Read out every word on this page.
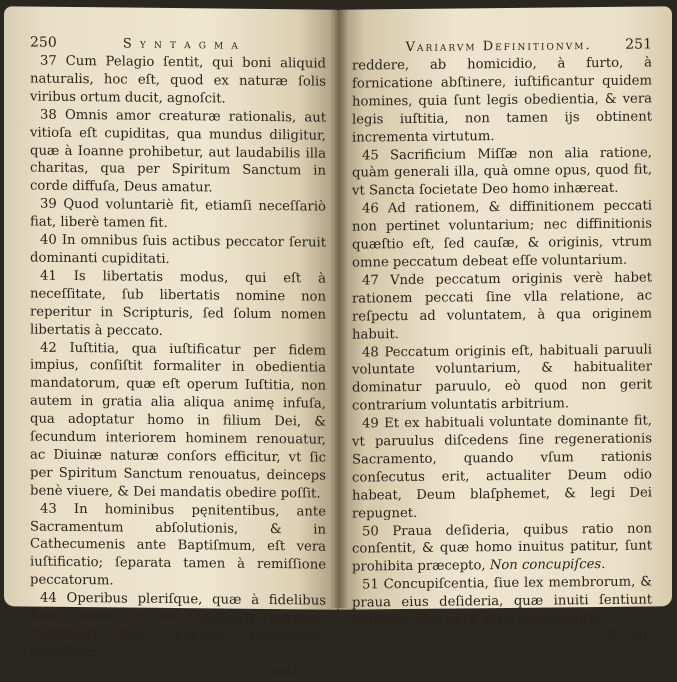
250	S y n t a g m a

37 Cum Pelagio ſentit, qui boni aliquid naturalis, hoc eſt, quod ex naturæ ſolis viribus ortum ducit, agnoſcit.

38 Omnis amor creaturæ rationalis, aut vitioſa eſt cupiditas, qua mundus diligitur, quæ à Ioanne prohibetur, aut laudabilis illa charitas, qua per Spiritum Sanctum in corde diffuſa, Deus amatur.

39 Quod voluntariè fit, etiamſi neceſſariò fiat, liberè tamen fit.

40 In omnibus ſuis actibus peccator ſeruit dominanti cupiditati.

41 Is libertatis modus, qui eſt à neceſſitate, ſub libertatis nomine non reperitur in Scripturis, ſed ſolum nomen libertatis à peccato.

42 Iuſtitia, qua iuſtificatur per fidem impius, conſiſtit formaliter in obedientia mandatorum, quæ eſt operum Iuſtitia, non autem in gratia alia aliqua animę infuſa, qua adoptatur homo in filium Dei, & ſecundum interiorem hominem renouatur, ac Diuinæ naturæ conſors efficitur, vt ſic per Spiritum Sanctum renouatus, deinceps benè viuere, & Dei mandatis obedire poſſit.

43 In hominibus pęnitentibus, ante Sacramentum abſolutionis, & in Cathecumenis ante Baptiſmum, eſt vera iuſtificatio; ſeparata tamen à remiſſione peccatorum.

44 Operibus pleriſque, quæ à fidelibus fiunt, ſolum vt Dei mandatis pareant, cuiuſmodi ſunt, obedire parentibus, depoſitum

red-
Variarvm Definitionvm. 251

reddere, ab homicidio, à furto, à fornicatione abſtinere, iuſtificantur quidem homines, quia ſunt legis obedientia, & vera legis iuſtitia, non tamen ijs obtinent incrementa virtutum.

45 Sacrificium Miſſæ non alia ratione, quàm generali illa, quà omne opus, quod fit, vt Sancta ſocietate Deo homo inhæreat.

46 Ad rationem, & diffinitionem peccati non pertinet voluntarium; nec diffinitionis quæſtio eſt, ſed cauſæ, & originis, vtrum omne peccatum debeat eſſe voluntarium.

47 Vnde peccatum originis verè habet rationem peccati ſine vlla relatione, ac reſpectu ad voluntatem, à qua originem habuit.

48 Peccatum originis eſt, habituali paruuli voluntate voluntarium, & habitualiter dominatur paruulo, eò quod non gerit contrarium voluntatis arbitrium.

49 Et ex habituali voluntate dominante fit, vt paruulus diſcedens ſine regenerationis Sacramento, quando vſum rationis conſecutus erit, actualiter Deum odio habeat, Deum blaſphemet, & legi Dei repugnet.

50 Praua deſideria, quibus ratio non conſentit, & quæ homo inuitus patitur, ſunt prohibita præcepto, Non concupiſces.

51 Concupiſcentia, ſiue lex membrorum, & praua eius deſideria, quæ inuiti ſentiunt homines, ſunt vera legis inobedientia.

52 Om-
